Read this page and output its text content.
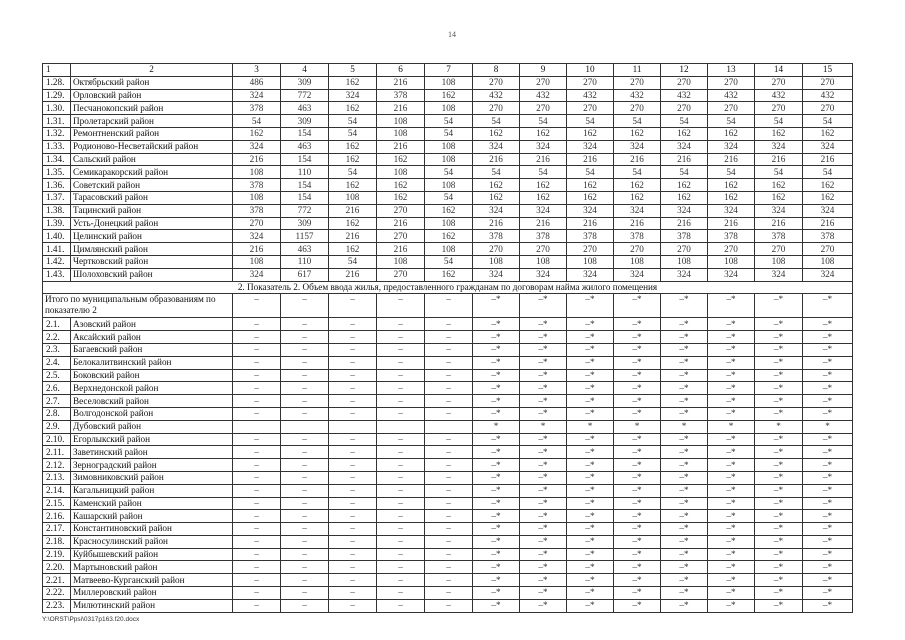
14
1	2	3	4	5	6	7	8	9	10	11	12	13	14	15
1.28.	Октябрьский район	486	309	162	216	108	270	270	270	270	270	270	270	270
1.29.	Орловский район	324	772	324	378	162	432	432	432	432	432	432	432	432
1.30.	Песчанокопский район	378	463	162	216	108	270	270	270	270	270	270	270	270
1.31.	Пролетарский район	54	309	54	108	54	54	54	54	54	54	54	54	54
1.32.	Ремонтненский район	162	154	54	108	54	162	162	162	162	162	162	162	162
1.33.	Родионово-Несветайский район	324	463	162	216	108	324	324	324	324	324	324	324	324
1.34.	Сальский район	216	154	162	162	108	216	216	216	216	216	216	216	216
1.35.	Семикаракорский район	108	110	54	108	54	54	54	54	54	54	54	54	54
1.36.	Советский район	378	154	162	162	108	162	162	162	162	162	162	162	162
1.37.	Тарасовский район	108	154	108	162	54	162	162	162	162	162	162	162	162
1.38.	Тацинский район	378	772	216	270	162	324	324	324	324	324	324	324	324
1.39.	Усть-Донецкий район	270	309	162	216	108	216	216	216	216	216	216	216	216
1.40.	Целинский район	324	1157	216	270	162	378	378	378	378	378	378	378	378
1.41.	Цимлянский район	216	463	162	216	108	270	270	270	270	270	270	270	270
1.42.	Чертковский район	108	110	54	108	54	108	108	108	108	108	108	108	108
1.43.	Шолоховский район	324	617	216	270	162	324	324	324	324	324	324	324	324
2. Показатель 2. Объем ввода жилья, предоставленного гражданам по договорам найма жилого помещения														
Итого по муниципальным образованиям по показателю 2		–	–	–	–	–	–*	–*	–*	–*	–*	–*	–*	–*
2.1.	Азовский район	–	–	–	–	–	–*	–*	–*	–*	–*	–*	–*	–*
2.2.	Аксайский район	–	–	–	–	–	–*	–*	–*	–*	–*	–*	–*	–*
2.3.	Багаевский район	–	–	–	–	–	–*	–*	–*	–*	–*	–*	–*	–*
2.4.	Белокалитвинский район	–	–	–	–	–	–*	–*	–*	–*	–*	–*	–*	–*
2.5.	Боковский район	–	–	–	–	–	–*	–*	–*	–*	–*	–*	–*	–*
2.6.	Верхнедонской район	–	–	–	–	–	–*	–*	–*	–*	–*	–*	–*	–*
2.7.	Веселовский район	–	–	–	–	–	–*	–*	–*	–*	–*	–*	–*	–*
2.8.	Волгодонской район	–	–	–	–	–	–*	–*	–*	–*	–*	–*	–*	–*
2.9.	Дубовский район						*	*	*	*	*	*	*	*
2.10.	Егорлыкский район	–	–	–	–	–	–*	–*	–*	–*	–*	–*	–*	–*
2.11.	Заветинский район	–	–	–	–	–	–*	–*	–*	–*	–*	–*	–*	–*
2.12.	Зерноградский район	–	–	–	–	–	–*	–*	–*	–*	–*	–*	–*	–*
2.13.	Зимовниковский район	–	–	–	–	–	–*	–*	–*	–*	–*	–*	–*	–*
2.14.	Кагальницкий район	–	–	–	–	–	–*	–*	–*	–*	–*	–*	–*	–*
2.15.	Каменский район	–	–	–	–	–	–*	–*	–*	–*	–*	–*	–*	–*
2.16.	Кашарский район	–	–	–	–	–	–*	–*	–*	–*	–*	–*	–*	–*
2.17.	Константиновский район	–	–	–	–	–	–*	–*	–*	–*	–*	–*	–*	–*
2.18.	Красносулинский район	–	–	–	–	–	–*	–*	–*	–*	–*	–*	–*	–*
2.19.	Куйбышевский район	–	–	–	–	–	–*	–*	–*	–*	–*	–*	–*	–*
2.20.	Мартыновский район	–	–	–	–	–	–*	–*	–*	–*	–*	–*	–*	–*
2.21.	Матвеево-Курганский район	–	–	–	–	–	–*	–*	–*	–*	–*	–*	–*	–*
2.22.	Миллеровский район	–	–	–	–	–	–*	–*	–*	–*	–*	–*	–*	–*
2.23.	Милютинский район	–	–	–	–	–	–*	–*	–*	–*	–*	–*	–*	–*
Y:\ORST\Ppsi\0317p163.f20.docx
